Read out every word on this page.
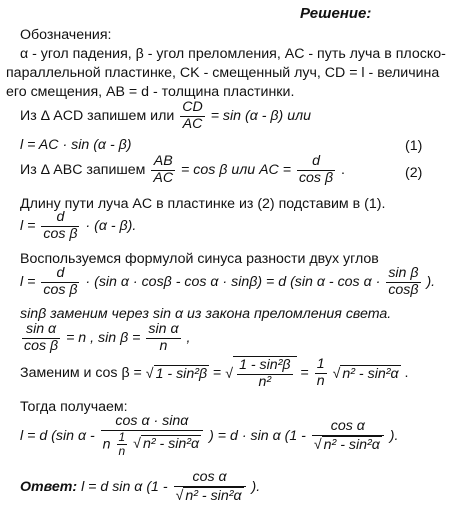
Решение:
Обозначения:
α - угол падения, β - угол преломления, AC - путь луча в плоско-
параллельной пластинке, CK - смещенный луч, CD = l - величина
его смещения, AB = d - толщина пластинки.
Из Δ ACD запишем или $\frac{CD}{AC} = \sin (\alpha - \beta)$ или
l = AC · sin (α - β)	(1)
Из Δ ABC запишем $\frac{AB}{AC} = \cos \beta$ или AC = $\frac{d}{\text{cos β}}$ .	(2)
Длину пути луча AC в пластинке из (2) подставим в (1).
$l = \frac{d}{\text{cos β}} \cdot (\alpha - \beta)$.
Воспользуемся формулой синуса разности двух углов
$l = \frac{d}{\text{cos β}} \cdot (\sin$ α · cosβ - cos α · sinβ) = d (sin $\alpha - \cos \alpha \cdot \frac{\text{sin β}}{\cos\beta}$ ).
sinβ заменим через sin α из закона преломления света.
$\frac{\text{sin α}}{\text{cos β}} = n$ , $\sin \beta = \frac{\text{sin α}}{n}$ ,
Заменим и cos β = √ 1 - sin²β = √ $\frac{\text{1 - sin²β}}{\text{n²}} = \frac{1}{n}$ √ n² - sin²α .
Тогда получаем:
l = d (sin α - $\frac{\text{cos α · sinα}}{n \frac{1}{n} √ n^2 - \sin^2\alpha}$ ) = d · sin α ($1 - \frac{\text{cos α}}{\text{√ n² - sin²α}}$ ).
Ответ: l = d sin α ($1 - \frac{\text{cos α}}{\text{√ n² - sin²α}}$ ).
